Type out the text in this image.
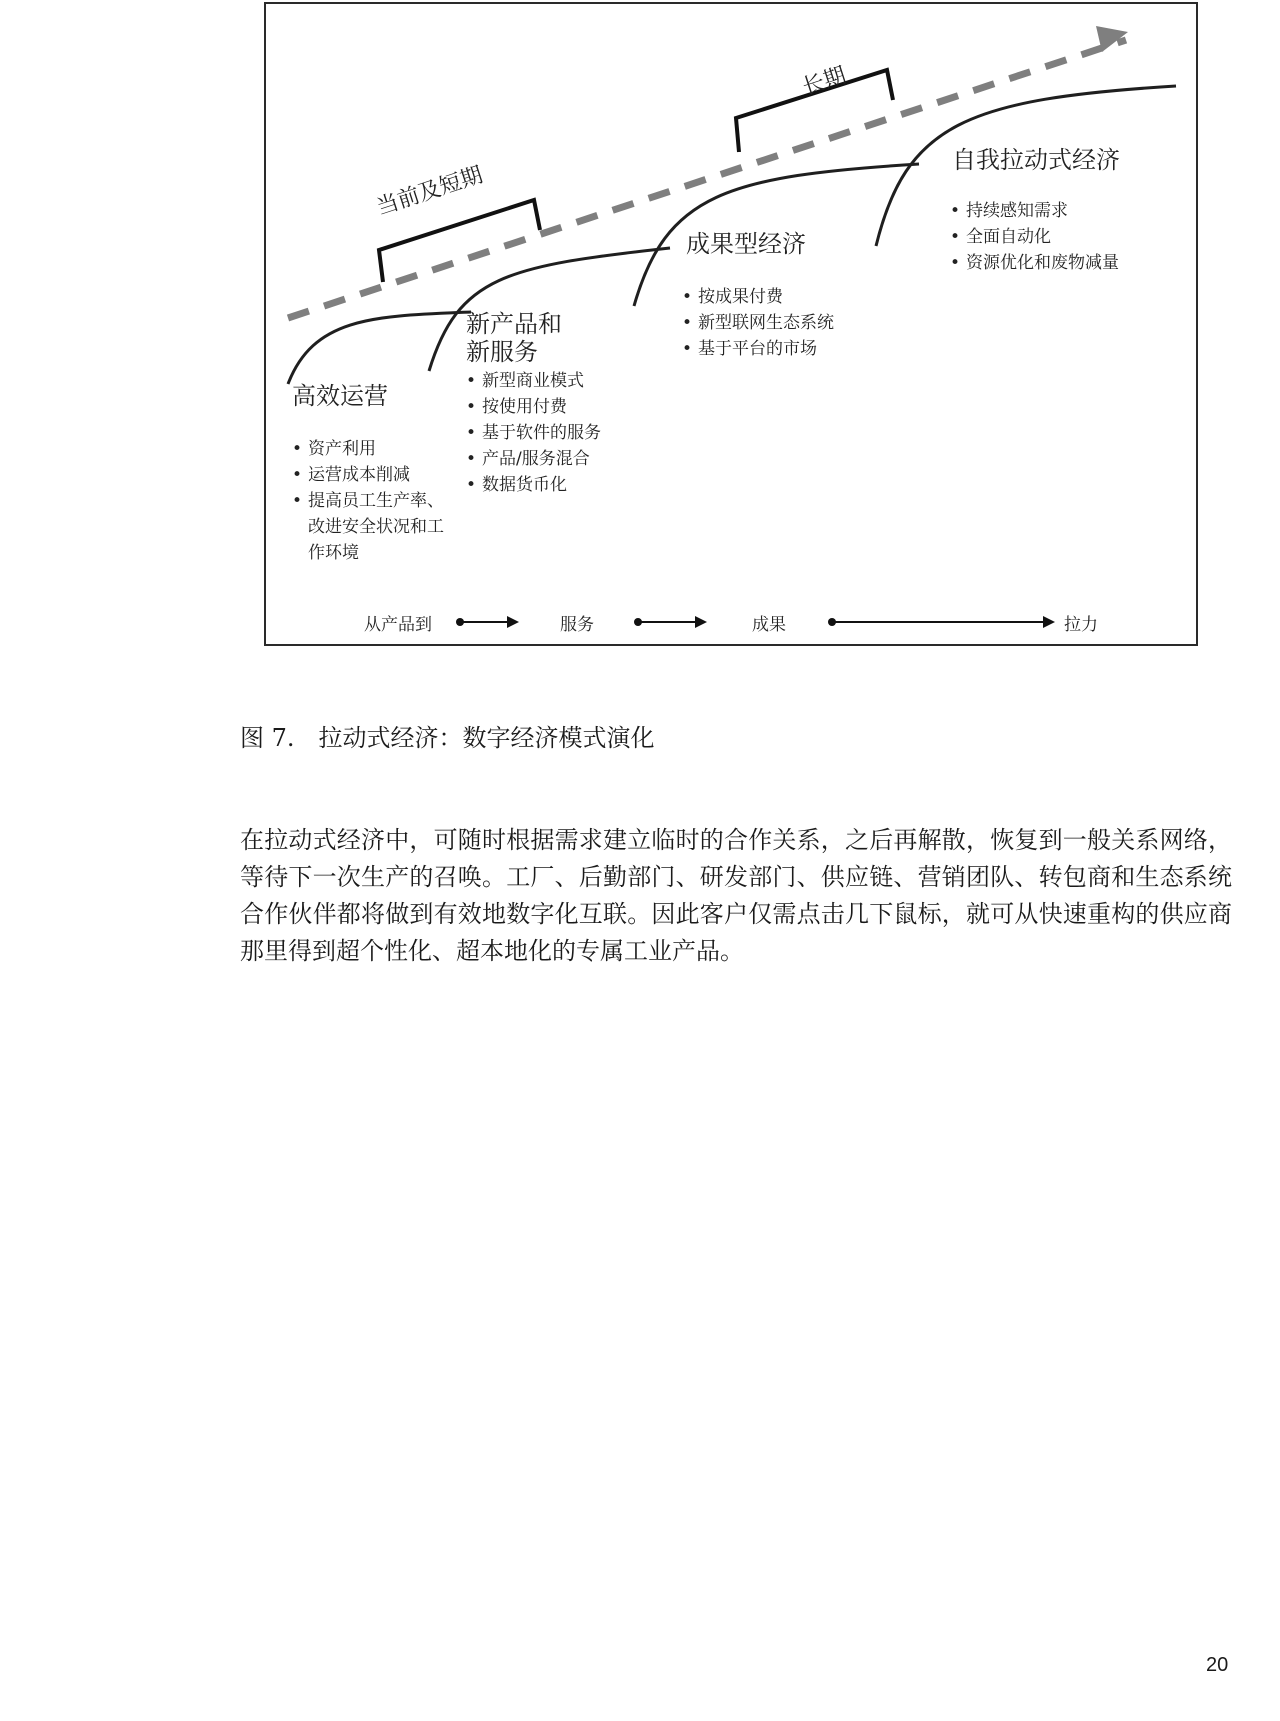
当前及短期
长期
高效运营
• 资产利用
• 运营成本削减
• 提高员工生产率、改进安全状况和工作环境
新产品和新服务
• 新型商业模式
• 按使用付费
• 基于软件的服务
• 产品/服务混合
• 数据货币化
成果型经济
• 按成果付费
• 新型联网生态系统
• 基于平台的市场
自我拉动式经济
• 持续感知需求
• 全面自动化
• 资源优化和废物减量
从产品到	服务	成果	拉力
图 7. 拉动式经济：数字经济模式演化

在拉动式经济中，可随时根据需求建立临时的合作关系，之后再解散，恢复到一般关系网络，等待下一次生产的召唤。工厂、后勤部门、研发部门、供应链、营销团队、转包商和生态系统合作伙伴都将做到有效地数字化互联。因此客户仅需点击几下鼠标，就可从快速重构的供应商那里得到超个性化、超本地化的专属工业产品。

20
